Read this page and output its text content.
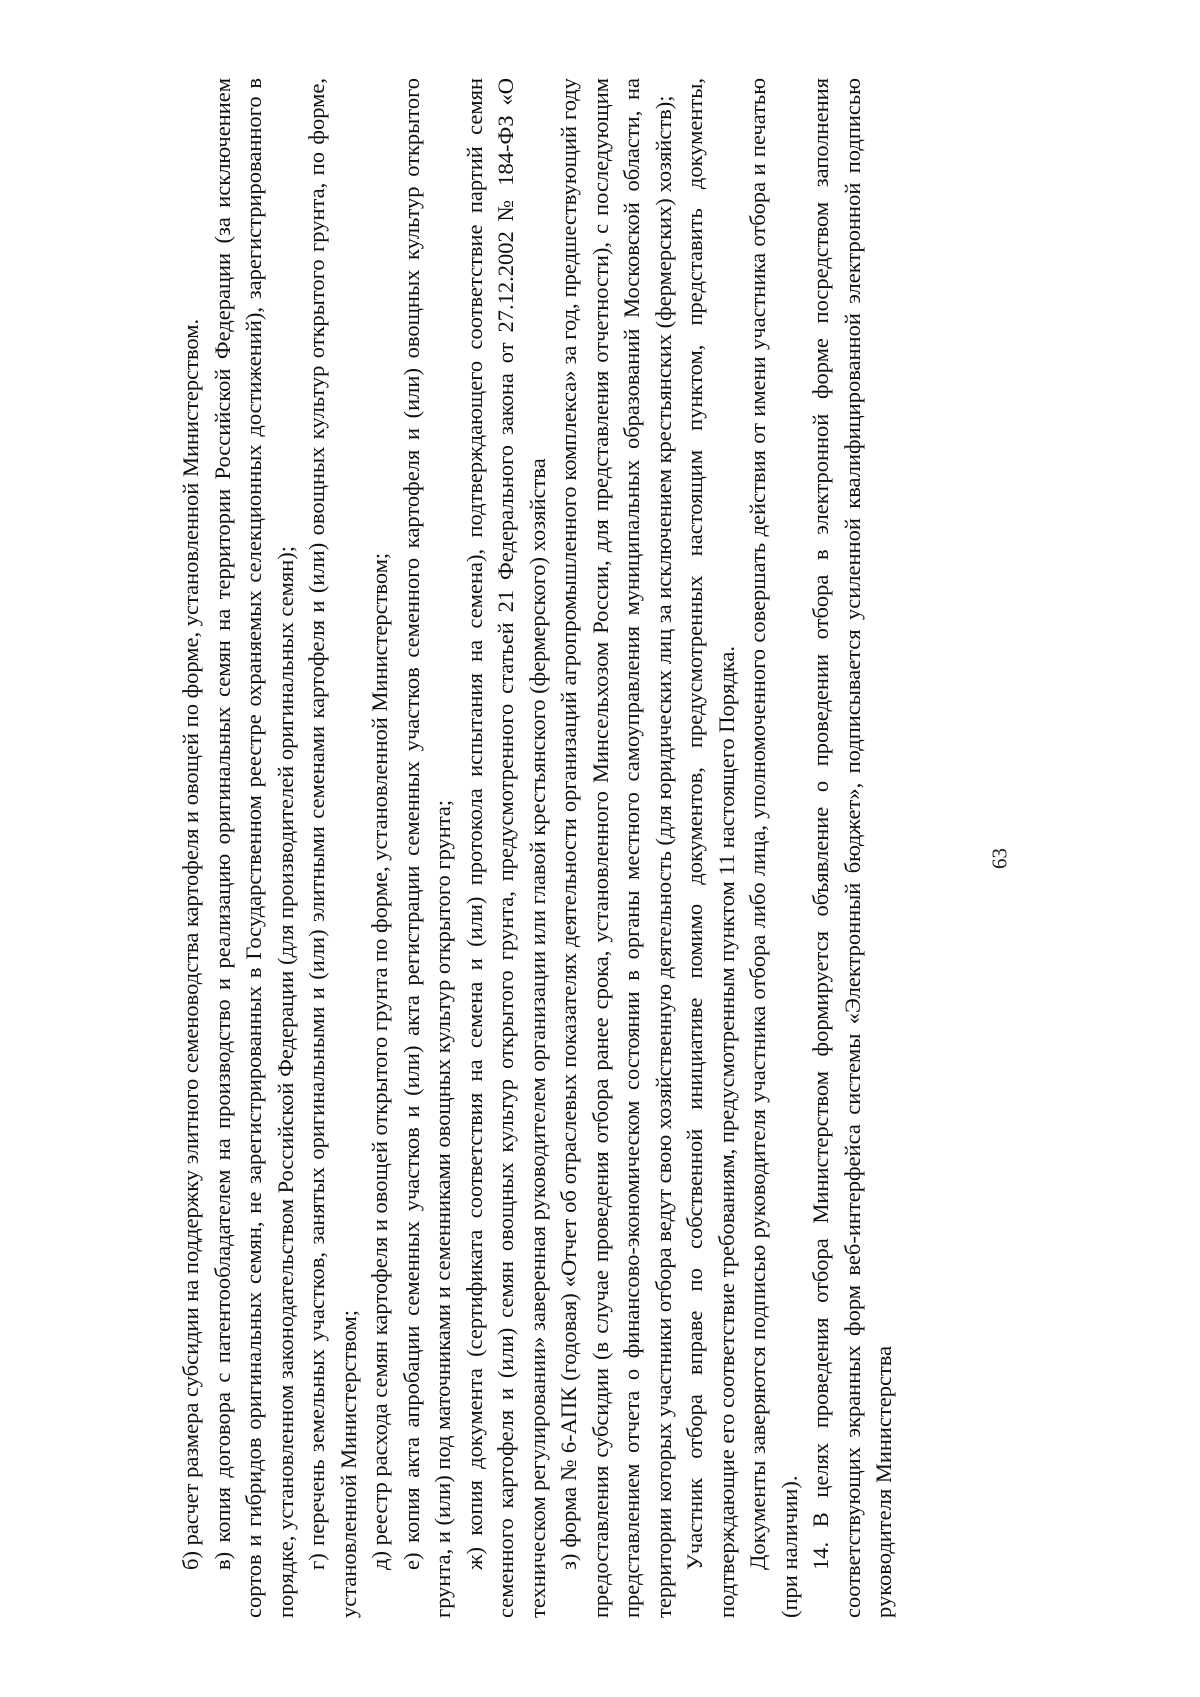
63

б) расчет размера субсидии на поддержку элитного семеноводства картофеля и овощей по форме, установленной Министерством. в) копия договора с патентообладателем на производство и реализацию оригинальных семян на территории Российской Федерации (за исключением сортов и гибридов оригинальных семян, не зарегистрированных в Государственном реестре охраняемых селекционных достижений), зарегистрированного в порядке, установленном законодательством Российской Федерации (для производителей оригинальных семян); г) перечень земельных участков, занятых оригинальными и (или) элитными семенами картофеля и (или) овощных культур открытого грунта, по форме, установленной Министерством; д) реестр расхода семян картофеля и овощей открытого грунта по форме, установленной Министерством; е) копия акта апробации семенных участков и (или) акта регистрации семенных участков семенного картофеля и (или) овощных культур открытого грунта, и (или) под маточниками и семенниками овощных культур открытого грунта; ж) копия документа (сертификата соответствия на семена и (или) протокола испытания на семена), подтверждающего соответствие партий семян семенного картофеля и (или) семян овощных культур открытого грунта, предусмотренного статьей 21 Федерального закона от 27.12.2002 № 184-ФЗ «О техническом регулировании» заверенная руководителем организации или главой крестьянского (фермерского) хозяйства з) форма № 6-АПК (годовая) «Отчет об отраслевых показателях деятельности организаций агропромышленного комплекса» за год, предшествующий году предоставления субсидии (в случае проведения отбора ранее срока, установленного Минсельхозом России, для представления отчетности), с последующим представлением отчета о финансово-экономическом состоянии в органы местного самоуправления муниципальных образований Московской области, на территории которых участники отбора ведут свою хозяйственную деятельность (для юридических лиц за исключением крестьянских (фермерских) хозяйств); Участник отбора вправе по собственной инициативе помимо документов, предусмотренных настоящим пунктом, представить документы, подтверждающие его соответствие требованиям, предусмотренным пунктом 11 настоящего Порядка. Документы заверяются подписью руководителя участника отбора либо лица, уполномоченного совершать действия от имени участника отбора и печатью (при наличии). 14. В целях проведения отбора Министерством формируется объявление о проведении отбора в электронной форме посредством заполнения соответствующих экранных форм веб-интерфейса системы «Электронный бюджет», подписывается усиленной квалифицированной электронной подписью руководителя Министерства
